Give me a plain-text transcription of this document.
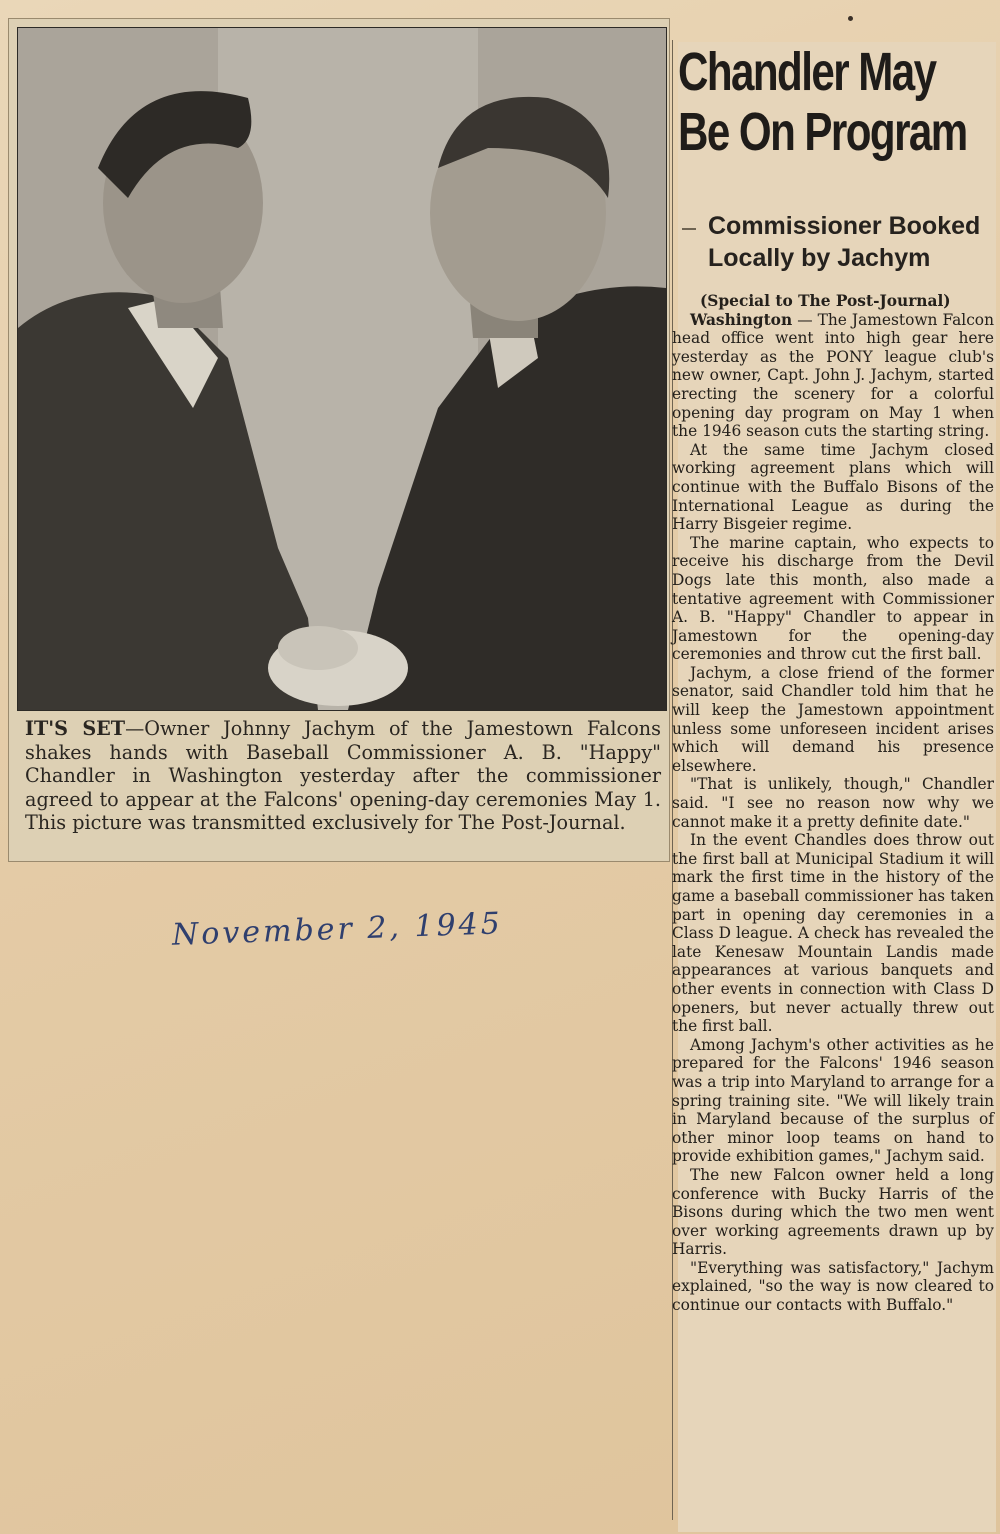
IT'S SET—Owner Johnny Jachym of the Jamestown Falcons shakes hands with Baseball Commissioner A. B. "Happy" Chandler in Washington yesterday after the commissioner agreed to appear at the Falcons' opening-day ceremonies May 1. This picture was transmitted exclusively for The Post-Journal.
November 2, 1945
Chandler May
Be On Program
Commissioner Booked
Locally by Jachym

(Special to The Post-Journal)

Washington — The Jamestown Falcon head office went into high gear here yesterday as the PONY league club's new owner, Capt. John J. Jachym, started erecting the scenery for a colorful opening day program on May 1 when the 1946 season cuts the starting string.

At the same time Jachym closed working agreement plans which will continue with the Buffalo Bisons of the International League as during the Harry Bisgeier regime.

The marine captain, who expects to receive his discharge from the Devil Dogs late this month, also made a tentative agreement with Commissioner A. B. "Happy" Chandler to appear in Jamestown for the opening-day ceremonies and throw cut the first ball.

Jachym, a close friend of the former senator, said Chandler told him that he will keep the Jamestown appointment unless some unforeseen incident arises which will demand his presence elsewhere.

"That is unlikely, though," Chandler said. "I see no reason now why we cannot make it a pretty definite date."

In the event Chandles does throw out the first ball at Municipal Stadium it will mark the first time in the history of the game a baseball commissioner has taken part in opening day ceremonies in a Class D league. A check has revealed the late Kenesaw Mountain Landis made appearances at various banquets and other events in connection with Class D openers, but never actually threw out the first ball.

Among Jachym's other activities as he prepared for the Falcons' 1946 season was a trip into Maryland to arrange for a spring training site. "We will likely train in Maryland because of the surplus of other minor loop teams on hand to provide exhibition games," Jachym said.

The new Falcon owner held a long conference with Bucky Harris of the Bisons during which the two men went over working agreements drawn up by Harris.

"Everything was satisfactory," Jachym explained, "so the way is now cleared to continue our contacts with Buffalo."
